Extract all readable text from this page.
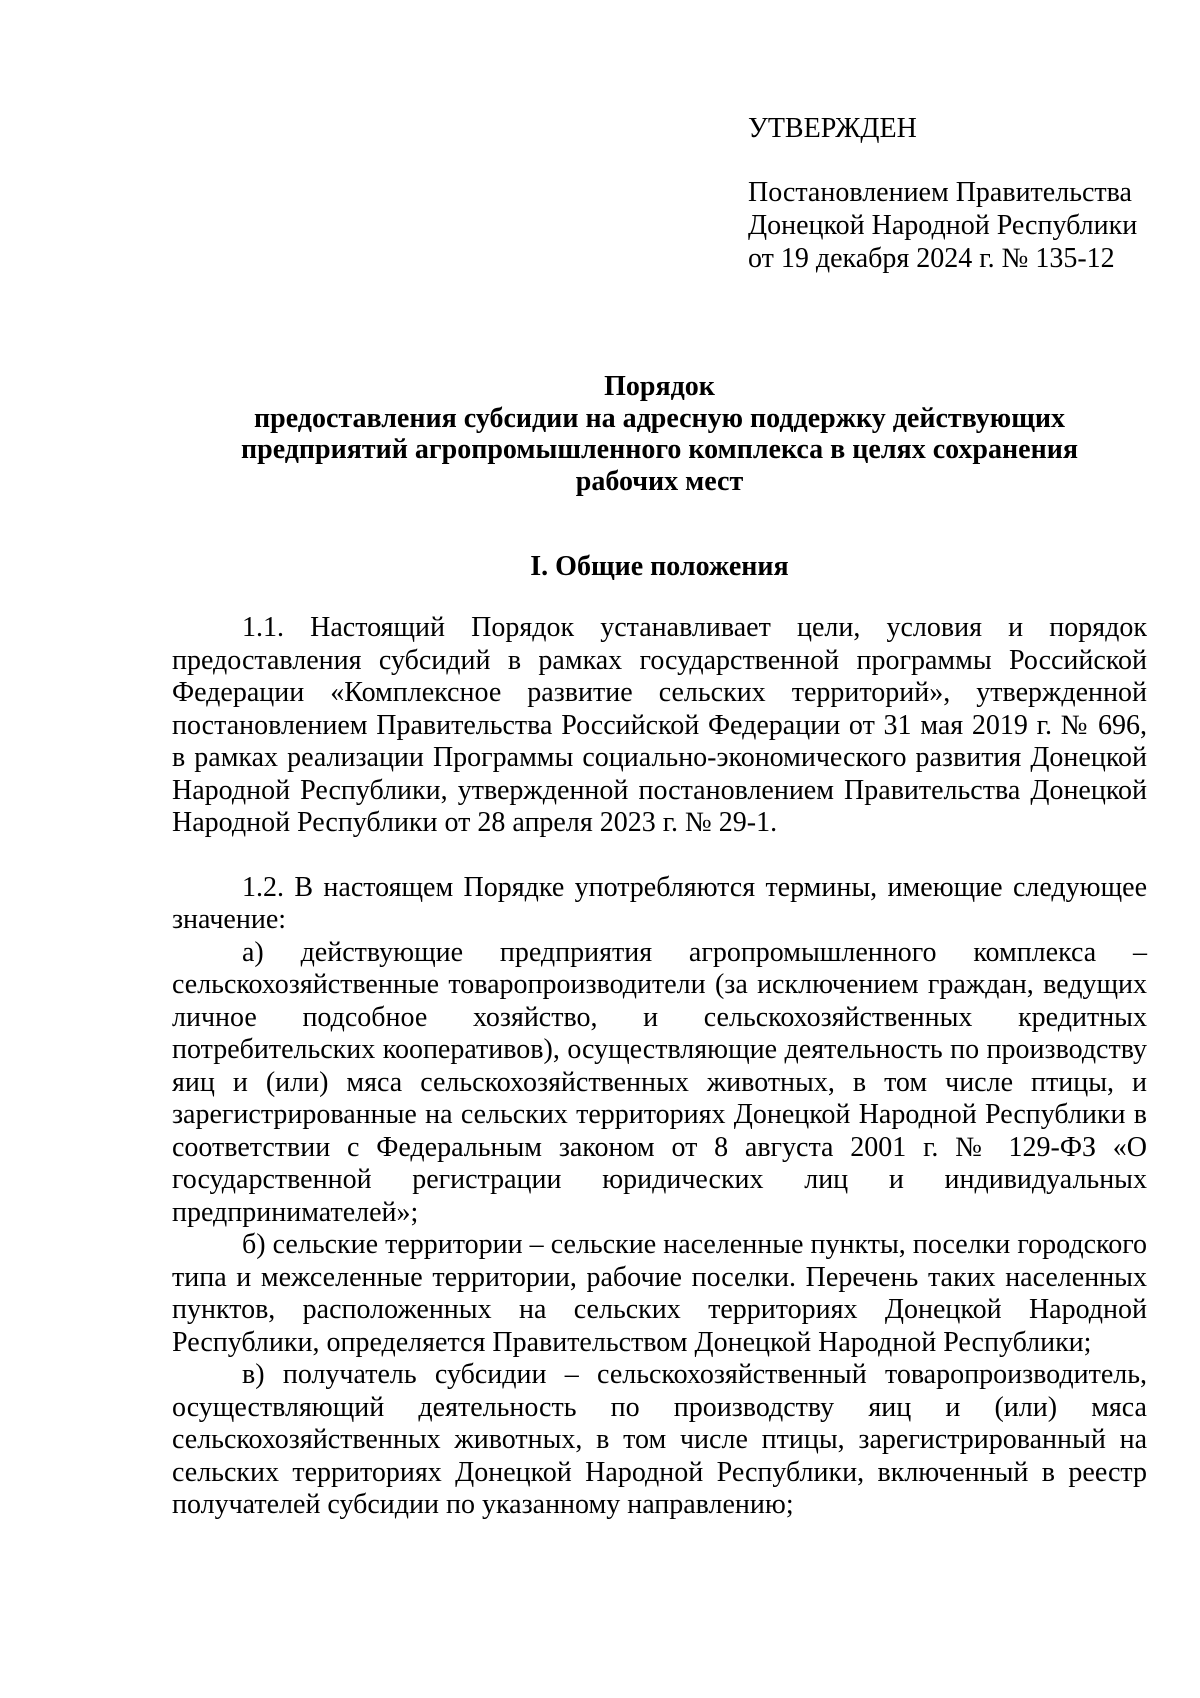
УТВЕРЖДЕН

Постановлением Правительства

Донецкой Народной Республики

от 19 декабря 2024 г. № 135-12

Порядок

предоставления субсидии на адресную поддержку действующих

предприятий агропромышленного комплекса в целях сохранения

рабочих мест

I. Общие положения

1.1. Настоящий Порядок устанавливает цели, условия и порядок предоставления субсидий в рамках государственной программы Российской Федерации «Комплексное развитие сельских территорий», утвержденной постановлением Правительства Российской Федерации от 31 мая 2019 г. № 696, в рамках реализации Программы социально-экономического развития Донецкой Народной Республики, утвержденной постановлением Правительства Донецкой Народной Республики от 28 апреля 2023 г. № 29-1.

1.2. В настоящем Порядке употребляются термины, имеющие следующее значение:

а) действующие предприятия агропромышленного комплекса – сельскохозяйственные товаропроизводители (за исключением граждан, ведущих личное подсобное хозяйство, и сельскохозяйственных кредитных потребительских кооперативов), осуществляющие деятельность по производству яиц и (или) мяса сельскохозяйственных животных, в том числе птицы, и зарегистрированные на сельских территориях Донецкой Народной Республики в соответствии с Федеральным законом от 8 августа 2001 г. № 129-ФЗ «О государственной регистрации юридических лиц и индивидуальных предпринимателей»;

б) сельские территории – сельские населенные пункты, поселки городского типа и межселенные территории, рабочие поселки. Перечень таких населенных пунктов, расположенных на сельских территориях Донецкой Народной Республики, определяется Правительством Донецкой Народной Республики;

в) получатель субсидии – сельскохозяйственный товаропроизводитель, осуществляющий деятельность по производству яиц и (или) мяса сельскохозяйственных животных, в том числе птицы, зарегистрированный на сельских территориях Донецкой Народной Республики, включенный в реестр получателей субсидии по указанному направлению;
